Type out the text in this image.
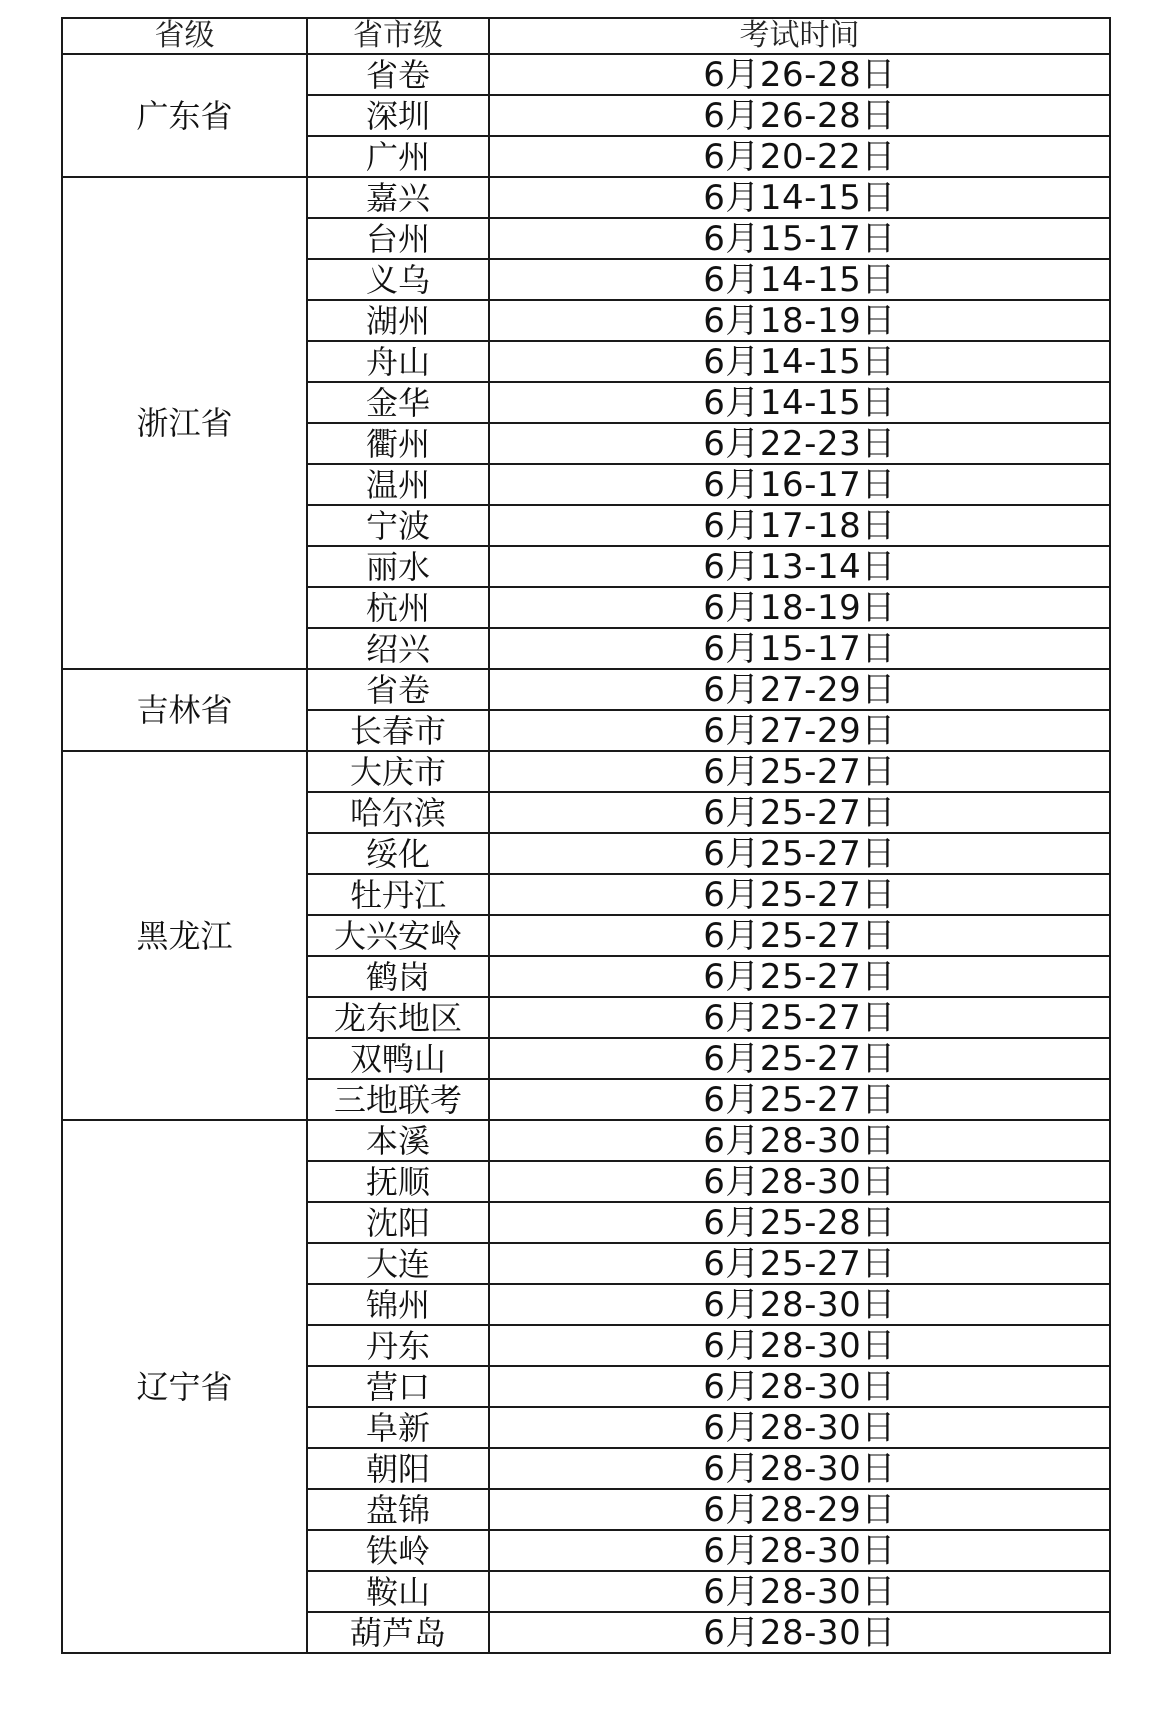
省级	省市级	考试时间
广东省	省卷	6月26-28日
	深圳	6月26-28日
	广州	6月20-22日
浙江省	嘉兴	6月14-15日
	台州	6月15-17日
	义乌	6月14-15日
	湖州	6月18-19日
	舟山	6月14-15日
	金华	6月14-15日
	衢州	6月22-23日
	温州	6月16-17日
	宁波	6月17-18日
	丽水	6月13-14日
	杭州	6月18-19日
	绍兴	6月15-17日
吉林省	省卷	6月27-29日
	长春市	6月27-29日
黑龙江	大庆市	6月25-27日
	哈尔滨	6月25-27日
	绥化	6月25-27日
	牡丹江	6月25-27日
	大兴安岭	6月25-27日
	鹤岗	6月25-27日
	龙东地区	6月25-27日
	双鸭山	6月25-27日
	三地联考	6月25-27日
辽宁省	本溪	6月28-30日
	抚顺	6月28-30日
	沈阳	6月25-28日
	大连	6月25-27日
	锦州	6月28-30日
	丹东	6月28-30日
	营口	6月28-30日
	阜新	6月28-30日
	朝阳	6月28-30日
	盘锦	6月28-29日
	铁岭	6月28-30日
	鞍山	6月28-30日
	葫芦岛	6月28-30日
